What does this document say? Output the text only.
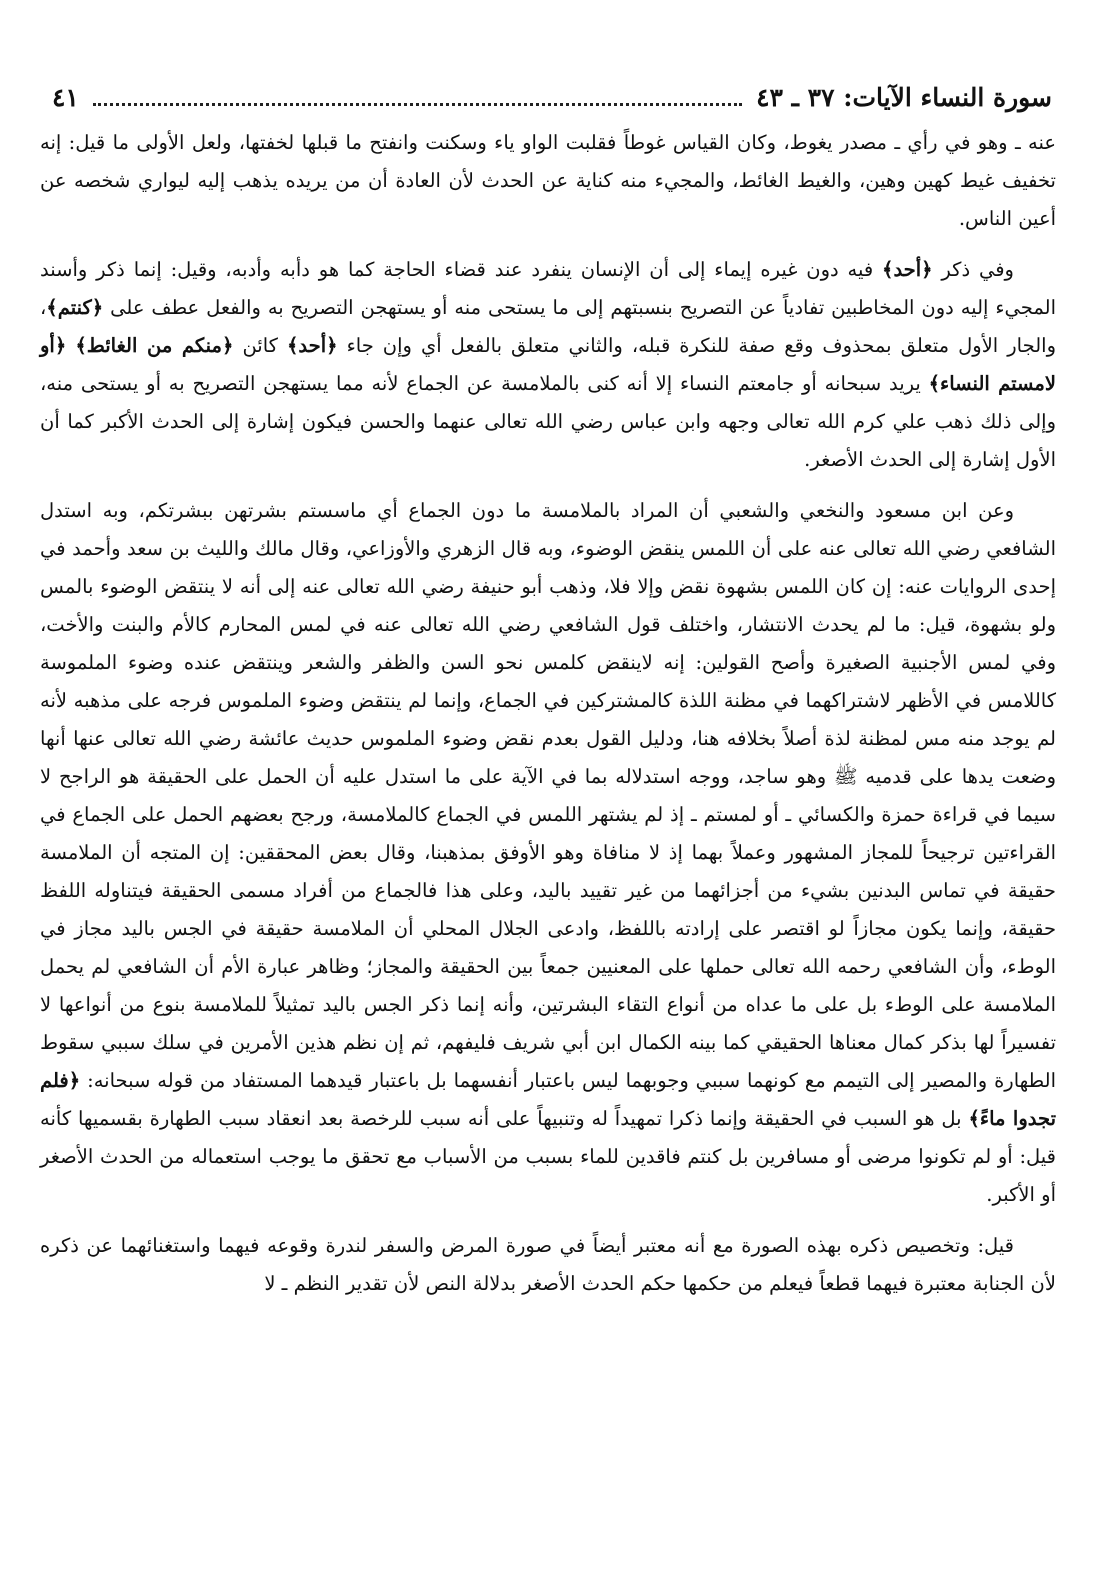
سورة النساء الآيات: ٣٧ ـ ٤٣
٤١

عنه ـ وهو في رأي ـ مصدر يغوط، وكان القياس غوطاً فقلبت الواو ياء وسكنت وانفتح ما قبلها لخفتها، ولعل الأولى ما قيل: إنه تخفيف غيط كهين وهين، والغيط الغائط، والمجيء منه كناية عن الحدث لأن العادة أن من يريده يذهب إليه ليواري شخصه عن أعين الناس.

وفي ذكر ﴿أحد﴾ فيه دون غيره إيماء إلى أن الإنسان ينفرد عند قضاء الحاجة كما هو دأبه وأدبه، وقيل: إنما ذكر وأسند المجيء إليه دون المخاطبين تفادياً عن التصريح بنسبتهم إلى ما يستحى منه أو يستهجن التصريح به والفعل عطف على ﴿كنتم﴾، والجار الأول متعلق بمحذوف وقع صفة للنكرة قبله، والثاني متعلق بالفعل أي وإن جاء ﴿أحد﴾ كائن ﴿منكم من الغائط﴾ ﴿أو لامستم النساء﴾ يريد سبحانه أو جامعتم النساء إلا أنه كنى بالملامسة عن الجماع لأنه مما يستهجن التصريح به أو يستحى منه، وإلى ذلك ذهب علي كرم الله تعالى وجهه وابن عباس رضي الله تعالى عنهما والحسن فيكون إشارة إلى الحدث الأكبر كما أن الأول إشارة إلى الحدث الأصغر.

وعن ابن مسعود والنخعي والشعبي أن المراد بالملامسة ما دون الجماع أي ماسستم بشرتهن ببشرتكم، وبه استدل الشافعي رضي الله تعالى عنه على أن اللمس ينقض الوضوء، وبه قال الزهري والأوزاعي، وقال مالك والليث بن سعد وأحمد في إحدى الروايات عنه: إن كان اللمس بشهوة نقض وإلا فلا، وذهب أبو حنيفة رضي الله تعالى عنه إلى أنه لا ينتقض الوضوء بالمس ولو بشهوة، قيل: ما لم يحدث الانتشار، واختلف قول الشافعي رضي الله تعالى عنه في لمس المحارم كالأم والبنت والأخت، وفي لمس الأجنبية الصغيرة وأصح القولين: إنه لاينقض كلمس نحو السن والظفر والشعر وينتقض عنده وضوء الملموسة كاللامس في الأظهر لاشتراكهما في مظنة اللذة كالمشتركين في الجماع، وإنما لم ينتقض وضوء الملموس فرجه على مذهبه لأنه لم يوجد منه مس لمظنة لذة أصلاً بخلافه هنا، ودليل القول بعدم نقض وضوء الملموس حديث عائشة رضي الله تعالى عنها أنها وضعت يدها على قدميه ﷺ وهو ساجد، ووجه استدلاله بما في الآية على ما استدل عليه أن الحمل على الحقيقة هو الراجح لا سيما في قراءة حمزة والكسائي ـ أو لمستم ـ إذ لم يشتهر اللمس في الجماع كالملامسة، ورجح بعضهم الحمل على الجماع في القراءتين ترجيحاً للمجاز المشهور وعملاً بهما إذ لا منافاة وهو الأوفق بمذهبنا، وقال بعض المحققين: إن المتجه أن الملامسة حقيقة في تماس البدنين بشيء من أجزائهما من غير تقييد باليد، وعلى هذا فالجماع من أفراد مسمى الحقيقة فيتناوله اللفظ حقيقة، وإنما يكون مجازاً لو اقتصر على إرادته باللفظ، وادعى الجلال المحلي أن الملامسة حقيقة في الجس باليد مجاز في الوطء، وأن الشافعي رحمه الله تعالى حملها على المعنيين جمعاً بين الحقيقة والمجاز؛ وظاهر عبارة الأم أن الشافعي لم يحمل الملامسة على الوطء بل على ما عداه من أنواع التقاء البشرتين، وأنه إنما ذكر الجس باليد تمثيلاً للملامسة بنوع من أنواعها لا تفسيراً لها بذكر كمال معناها الحقيقي كما بينه الكمال ابن أبي شريف فليفهم، ثم إن نظم هذين الأمرين في سلك سببي سقوط الطهارة والمصير إلى التيمم مع كونهما سببي وجوبهما ليس باعتبار أنفسهما بل باعتبار قيدهما المستفاد من قوله سبحانه: ﴿فلم تجدوا ماءً﴾ بل هو السبب في الحقيقة وإنما ذكرا تمهيداً له وتنبيهاً على أنه سبب للرخصة بعد انعقاد سبب الطهارة بقسميها كأنه قيل: أو لم تكونوا مرضى أو مسافرين بل كنتم فاقدين للماء بسبب من الأسباب مع تحقق ما يوجب استعماله من الحدث الأصغر أو الأكبر.

قيل: وتخصيص ذكره بهذه الصورة مع أنه معتبر أيضاً في صورة المرض والسفر لندرة وقوعه فيهما واستغنائهما عن ذكره لأن الجنابة معتبرة فيهما قطعاً فيعلم من حكمها حكم الحدث الأصغر بدلالة النص لأن تقدير النظم ـ لا
